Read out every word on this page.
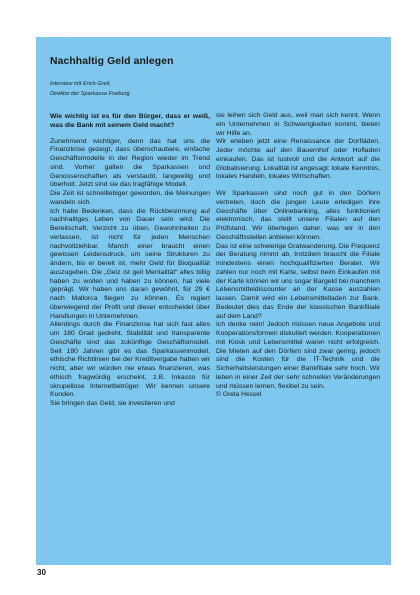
Nachhaltig Geld anlegen
Interview mit Erich Greil,
Direktor der Sparkasse Freiburg

Wie wichtig ist es für den Bürger, dass er weiß, was die Bank mit seinem Geld macht?

Zunehmend wichtiger, denn das hat uns die Finanzkrise gezeigt, dass überschaubare, einfache Geschäftsmodelle in der Region wieder im Trend sind. Vorher galten die Sparkassen und Genossenschaften als verstaubt, langweilig und überholt. Jetzt sind sie das tragfähige Modell.

Die Zeit ist schnelllebiger geworden, die Meinungen wandeln sich.

Ich habe Bedenken, dass die Rückbesinnung auf nachhaltiges Leben von Dauer sein wird. Die Bereitschaft, Verzicht zu üben, Gewohnheiten zu verlassen, ist nicht für jeden Menschen nachvollziehbar. Manch einer braucht einen gewissen Leidensdruck, um seine Strukturen zu ändern, bis er bereit ist, mehr Geld für Bioqualität auszugeben. Die „Geiz ist geil Mentalität“ alles billig haben zu wollen und haben zu können, hat viele geprägt. Wir haben uns daran gewöhnt, für 29 € nach Mallorca fliegen zu können. Es regiert überwiegend der Profit und dieser entscheidet über Handlungen in Unternehmen.

Allerdings durch die Finanzkrise hat sich fast alles um 180 Grad gedreht. Stabilität und transparente Geschäfte sind das zukünftige Geschäftsmodell. Seit 180 Jahren gibt es das Sparkassenmodell, ethische Richtlinien bei der Kreditvergabe haben wir nicht, aber wir würden nie etwas finanzieren, was ethisch fragwürdig erscheint, z.B. Inkasso für skrupellose Internetbetrüger. Wir kennen unsere Kunden.

Sie bringen das Geld, sie investieren und

sie leihen sich Geld aus, weil man sich kennt. Wenn ein Unternehmen in Schwierigkeiten kommt, bieten wir Hilfe an.

Wir erleben jetzt eine Renaissance der Dorfläden. Jeder möchte auf den Bauernhof oder Hofladen einkaufen. Das ist lustvoll und die Antwort auf die Globalisierung. Lokalität ist angesagt: lokale Kenntnis, lokales Handeln, lokales Wirtschaften.

Wir Sparkassen sind noch gut in den Dörfern vertreten, doch die jungen Leute erledigen ihre Geschäfte über Onlinebanking, alles funktioniert elektronisch, das stellt unsere Filialen auf den Prüfstand. Wir überlegen daher, was wir in den Geschäftsstellen anbieten können.

Das ist eine schwierige Gratwanderung. Die Frequenz der Beratung nimmt ab, trotzdem braucht die Filiale mindestens einen hochqualifizierten Berater. Wir zahlen nur noch mit Karte, selbst beim Einkaufen mit der Karte können wir uns sogar Bargeld bei manchem Lebensmitteldiscounter an der Kasse auszahlen lassen. Damit wird ein Lebensmittelladen zur Bank. Bedeutet dies das Ende der klassischen Bankfiliale auf dem Land?

Ich denke nein! Jedoch müssen neue Angebote und Kooperationsformen diskutiert werden. Kooperationen mit Kiosk und Lebensmittel waren nicht erfolgreich. Die Mieten auf den Dörfern sind zwar gering, jedoch sind die Kosten für die IT-Technik und die Sicherheitsleistungen einer Bankfiliale sehr hoch. Wir leben in einer Zeit der sehr schnellen Veränderungen und müssen lernen, flexibel zu sein.

© Greta Hessel

30
